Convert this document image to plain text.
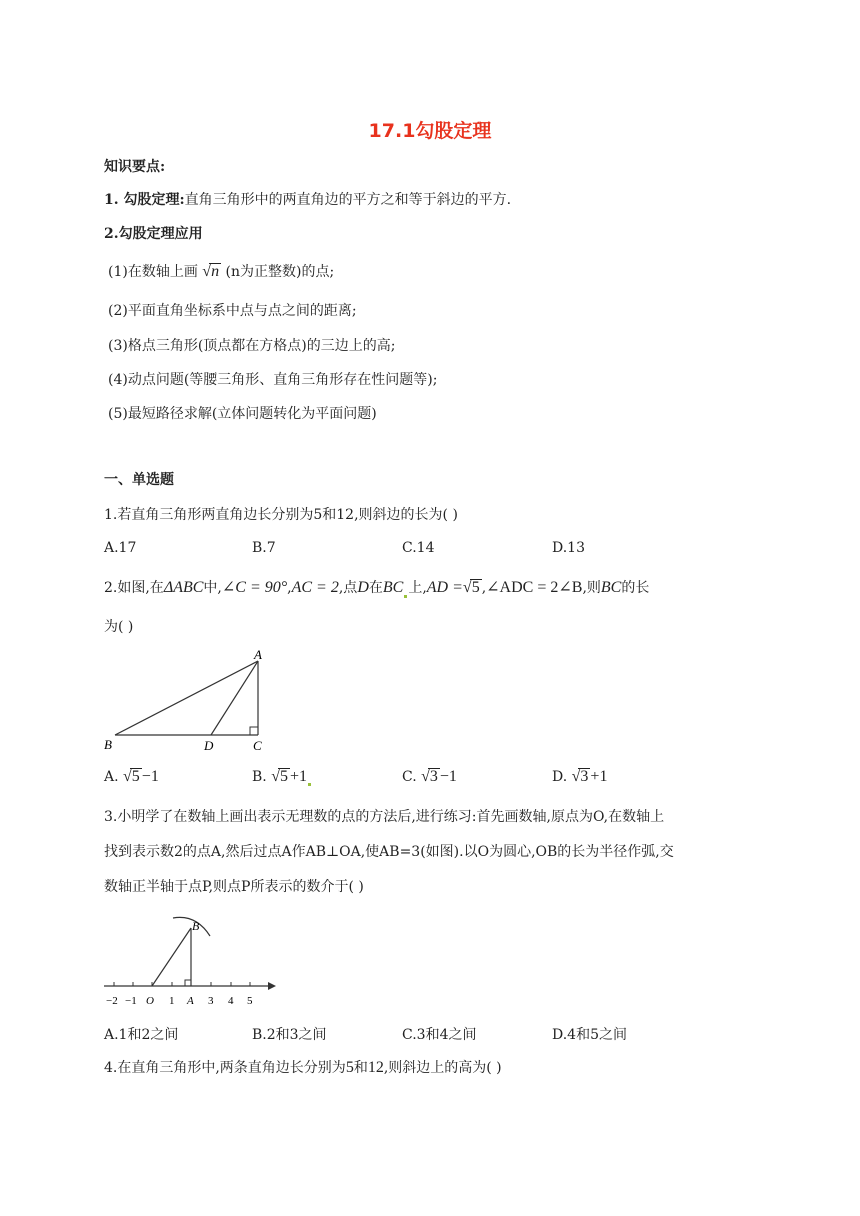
17.1勾股定理
知识要点:
1. 勾股定理:直角三角形中的两直角边的平方之和等于斜边的平方.
2.勾股定理应用
(1)在数轴上画 √n (n为正整数)的点;
(2)平面直角坐标系中点与点之间的距离;
(3)格点三角形(顶点都在方格点)的三边上的高;
(4)动点问题(等腰三角形、直角三角形存在性问题等);
(5)最短路径求解(立体问题转化为平面问题)
一、单选题
1.若直角三角形两直角边长分别为5和12,则斜边的长为( )
A.17	B.7	C.14	D.13
2.如图,在ΔABC中,∠C = 90°,AC = 2,点D在BC 上,AD =√5 ,∠ADC = 2∠B,则BC的长
为( )
A
B	D	C
A. √5 −1	B. √5 +1	C. √3 −1	D. √3 +1
3.小明学了在数轴上画出表示无理数的点的方法后,进行练习:首先画数轴,原点为O,在数轴上
找到表示数2的点A,然后过点A作AB⊥OA,使AB=3(如图).以O为圆心,OB的长为半径作弧,交
数轴正半轴于点P,则点P所表示的数介于( )
B
−2 −1 O 1 A 3 4 5
A.1和2之间	B.2和3之间	C.3和4之间	D.4和5之间
4.在直角三角形中,两条直角边长分别为5和12,则斜边上的高为( )
